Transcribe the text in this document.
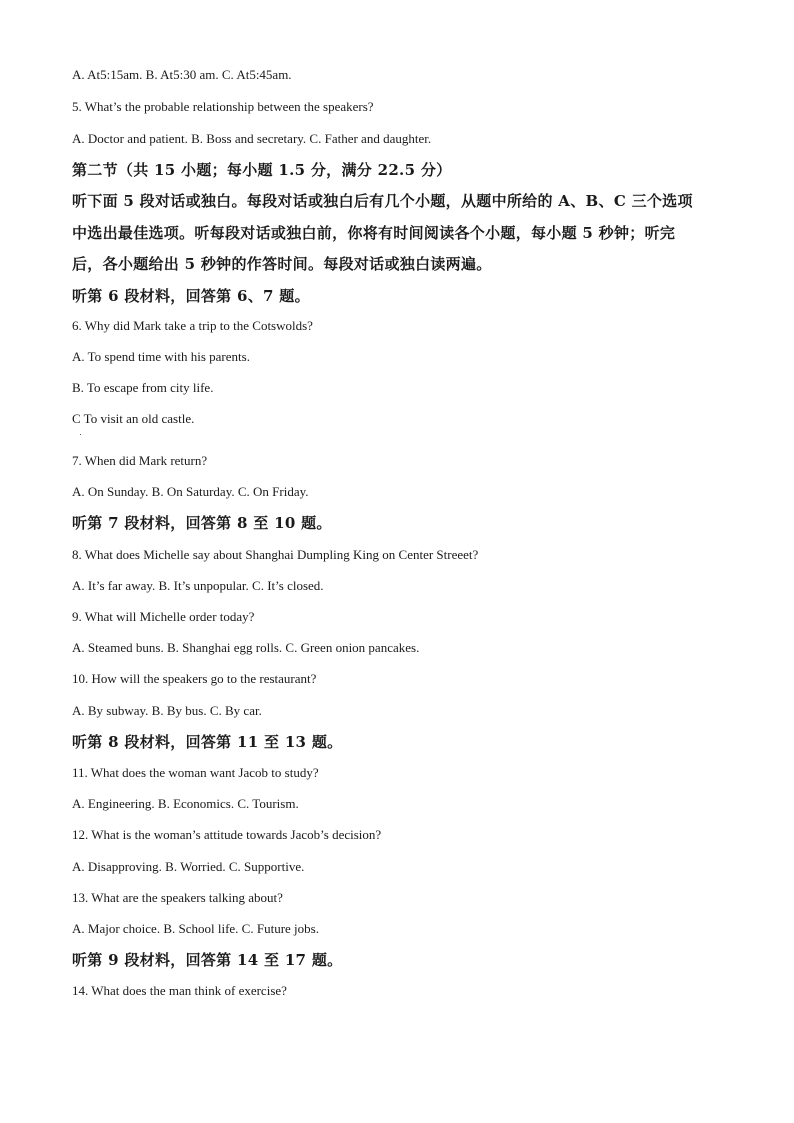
A. At5:15am. B. At5:30 am. C. At5:45am.
5. What’s the probable relationship between the speakers?
A. Doctor and patient. B. Boss and secretary. C. Father and daughter.
第二节（共 15 小题；每小题 1.5 分，满分 22.5 分）
听下面 5 段对话或独白。每段对话或独白后有几个小题，从题中所给的 A、B、C 三个选项
中选出最佳选项。听每段对话或独白前，你将有时间阅读各个小题，每小题 5 秒钟；听完
后，各小题给出 5 秒钟的作答时间。每段对话或独白读两遍。
听第 6 段材料，回答第 6、7 题。
6. Why did Mark take a trip to the Cotswolds?
A. To spend time with his parents.
B. To escape from city life.
C To visit an old castle.
7. When did Mark return?
A. On Sunday. B. On Saturday. C. On Friday.
听第 7 段材料，回答第 8 至 10 题。
8. What does Michelle say about Shanghai Dumpling King on Center Streeet?
A. It’s far away. B. It’s unpopular. C. It’s closed.
9. What will Michelle order today?
A. Steamed buns. B. Shanghai egg rolls. C. Green onion pancakes.
10. How will the speakers go to the restaurant?
A. By subway. B. By bus. C. By car.
听第 8 段材料，回答第 11 至 13 题。
11. What does the woman want Jacob to study?
A. Engineering. B. Economics. C. Tourism.
12. What is the woman’s attitude towards Jacob’s decision?
A. Disapproving. B. Worried. C. Supportive.
13. What are the speakers talking about?
A. Major choice. B. School life. C. Future jobs.
听第 9 段材料，回答第 14 至 17 题。
14. What does the man think of exercise?
